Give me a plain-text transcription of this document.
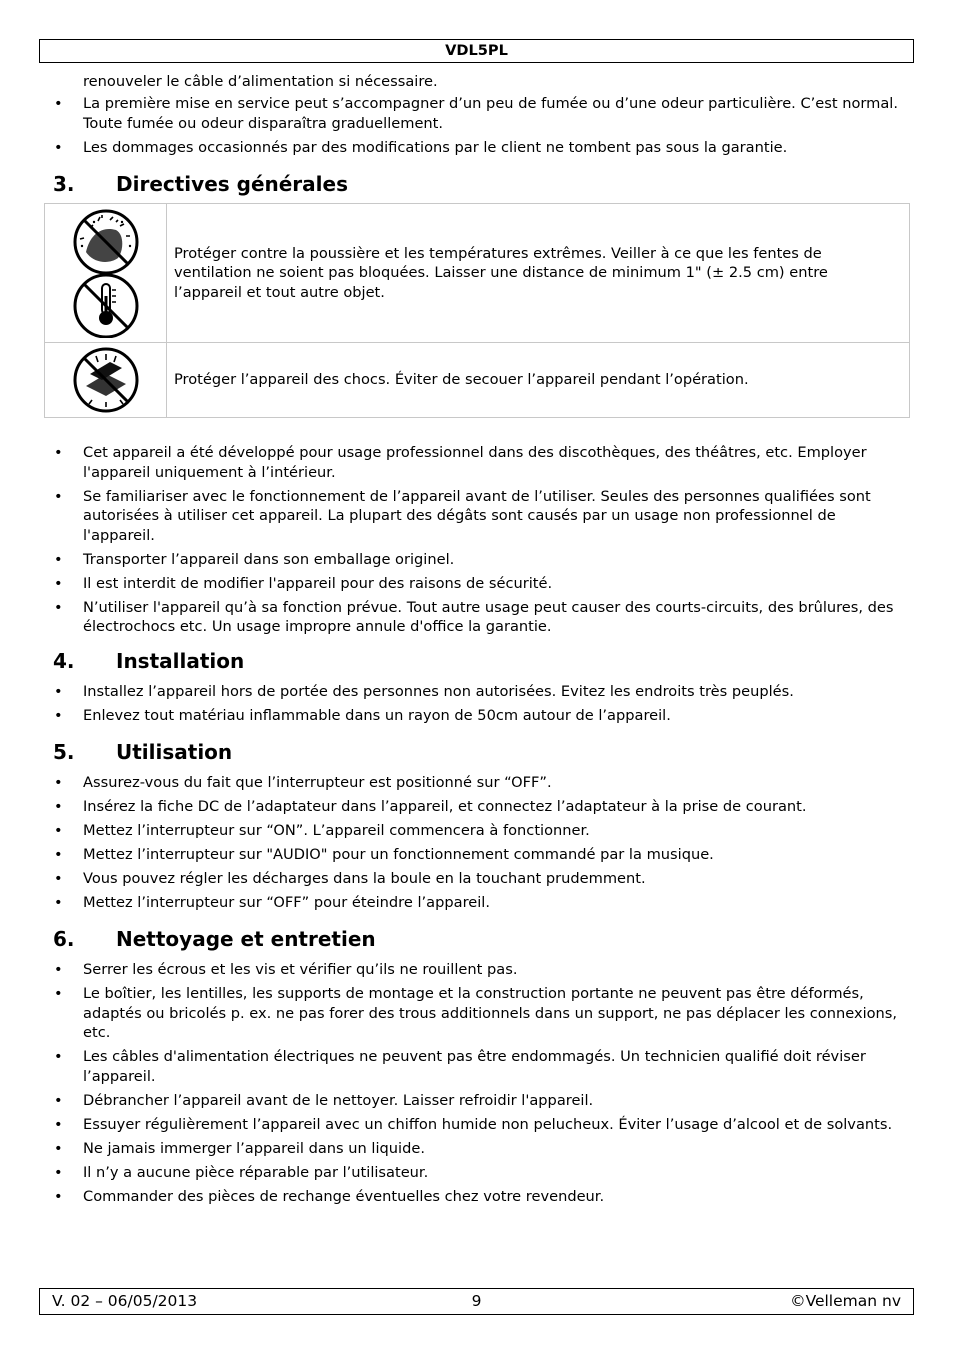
VDL5PL
renouveler le câble d’alimentation si nécessaire.
• La première mise en service peut s’accompagner d’un peu de fumée ou d’une odeur particulière. C’est normal. Toute fumée ou odeur disparaîtra graduellement.
• Les dommages occasionnés par des modifications par le client ne tombent pas sous la garantie.
3. Directives générales
	Protéger contre la poussière et les températures extrêmes. Veiller à ce que les fentes de ventilation ne soient pas bloquées. Laisser une distance de minimum 1" (± 2.5 cm) entre l’appareil et tout autre objet.

	Protéger l’appareil des chocs. Éviter de secouer l’appareil pendant l’opération.
• Cet appareil a été développé pour usage professionnel dans des discothèques, des théâtres, etc. Employer l'appareil uniquement à l’intérieur.
• Se familiariser avec le fonctionnement de l’appareil avant de l’utiliser. Seules des personnes qualifiées sont autorisées à utiliser cet appareil. La plupart des dégâts sont causés par un usage non professionnel de l'appareil.
• Transporter l’appareil dans son emballage originel.
• Il est interdit de modifier l'appareil pour des raisons de sécurité.
• N’utiliser l'appareil qu’à sa fonction prévue. Tout autre usage peut causer des courts-circuits, des brûlures, des électrochocs etc. Un usage impropre annule d'office la garantie.
4. Installation
• Installez l’appareil hors de portée des personnes non autorisées. Evitez les endroits très peuplés.
• Enlevez tout matériau inflammable dans un rayon de 50cm autour de l’appareil.
5. Utilisation
• Assurez-vous du fait que l’interrupteur est positionné sur “OFF”.
• Insérez la fiche DC de l’adaptateur dans l’appareil, et connectez l’adaptateur à la prise de courant.
• Mettez l’interrupteur sur “ON”. L’appareil commencera à fonctionner.
• Mettez l’interrupteur sur "AUDIO" pour un fonctionnement commandé par la musique.
• Vous pouvez régler les décharges dans la boule en la touchant prudemment.
• Mettez l’interrupteur sur “OFF” pour éteindre l’appareil.
6. Nettoyage et entretien
• Serrer les écrous et les vis et vérifier qu’ils ne rouillent pas.
• Le boîtier, les lentilles, les supports de montage et la construction portante ne peuvent pas être déformés, adaptés ou bricolés p. ex. ne pas forer des trous additionnels dans un support, ne pas déplacer les connexions, etc.
• Les câbles d'alimentation électriques ne peuvent pas être endommagés. Un technicien qualifié doit réviser l’appareil.
• Débrancher l’appareil avant de le nettoyer. Laisser refroidir l'appareil.
• Essuyer régulièrement l’appareil avec un chiffon humide non pelucheux. Éviter l’usage d’alcool et de solvants.
• Ne jamais immerger l’appareil dans un liquide.
• Il n’y a aucune pièce réparable par l’utilisateur.
• Commander des pièces de rechange éventuelles chez votre revendeur.
9
V. 02 – 06/05/2013	©Velleman nv
